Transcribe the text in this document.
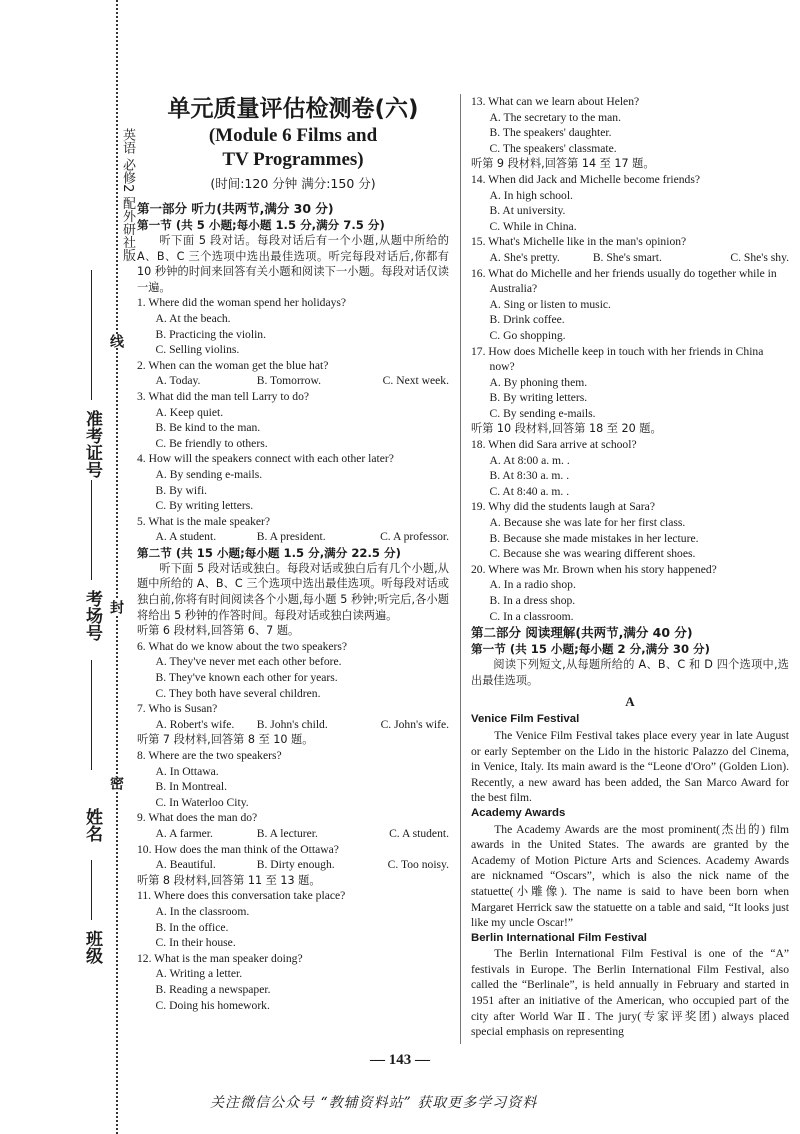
英语 必修2 配外研社版
准考证号
考场号
姓名
班级
线
封
密
单元质量评估检测卷(六)
(Module 6 Films and
TV Programmes)
(时间:120 分钟 满分:150 分)
第一部分 听力(共两节,满分 30 分)
第一节 (共 5 小题;每小题 1.5 分,满分 7.5 分)
听下面 5 段对话。每段对话后有一个小题,从题中所给的 A、B、C 三个选项中选出最佳选项。听完每段对话后,你都有 10 秒钟的时间来回答有关小题和阅读下一小题。每段对话仅读一遍。
1. Where did the woman spend her holidays?
A. At the beach.
B. Practicing the violin.
C. Selling violins.
2. When can the woman get the blue hat?
A. Today.	B. Tomorrow.	C. Next week.
3. What did the man tell Larry to do?
A. Keep quiet.
B. Be kind to the man.
C. Be friendly to others.
4. How will the speakers connect with each other later?
A. By sending e-mails.
B. By wifi.
C. By writing letters.
5. What is the male speaker?
A. A student.	B. A president.	C. A professor.
第二节 (共 15 小题;每小题 1.5 分,满分 22.5 分)
听下面 5 段对话或独白。每段对话或独白后有几个小题,从题中所给的 A、B、C 三个选项中选出最佳选项。听每段对话或独白前,你将有时间阅读各个小题,每小题 5 秒钟;听完后,各小题将给出 5 秒钟的作答时间。每段对话或独白读两遍。
听第 6 段材料,回答第 6、7 题。
6. What do we know about the two speakers?
A. They've never met each other before.
B. They've known each other for years.
C. They both have several children.
7. Who is Susan?
A. Robert's wife.	B. John's child.	C. John's wife.
听第 7 段材料,回答第 8 至 10 题。
8. Where are the two speakers?
A. In Ottawa.
B. In Montreal.
C. In Waterloo City.
9. What does the man do?
A. A farmer.	B. A lecturer.	C. A student.
10. How does the man think of the Ottawa?
A. Beautiful.	B. Dirty enough.	C. Too noisy.
听第 8 段材料,回答第 11 至 13 题。
11. Where does this conversation take place?
A. In the classroom.
B. In the office.
C. In their house.
12. What is the man speaker doing?
A. Writing a letter.
B. Reading a newspaper.
C. Doing his homework.
13. What can we learn about Helen?
A. The secretary to the man.
B. The speakers' daughter.
C. The speakers' classmate.
听第 9 段材料,回答第 14 至 17 题。
14. When did Jack and Michelle become friends?
A. In high school.
B. At university.
C. While in China.
15. What's Michelle like in the man's opinion?
A. She's pretty.	B. She's smart.	C. She's shy.
16. What do Michelle and her friends usually do together while in Australia?
A. Sing or listen to music.
B. Drink coffee.
C. Go shopping.
17. How does Michelle keep in touch with her friends in China now?
A. By phoning them.
B. By writing letters.
C. By sending e-mails.
听第 10 段材料,回答第 18 至 20 题。
18. When did Sara arrive at school?
A. At 8:00 a. m. .
B. At 8:30 a. m. .
C. At 8:40 a. m. .
19. Why did the students laugh at Sara?
A. Because she was late for her first class.
B. Because she made mistakes in her lecture.
C. Because she was wearing different shoes.
20. Where was Mr. Brown when his story happened?
A. In a radio shop.
B. In a dress shop.
C. In a classroom.
第二部分 阅读理解(共两节,满分 40 分)
第一节 (共 15 小题;每小题 2 分,满分 30 分)
阅读下列短文,从每题所给的 A、B、C 和 D 四个选项中,选出最佳选项。
A
Venice Film Festival
The Venice Film Festival takes place every year in late August or early September on the Lido in the historic Palazzo del Cinema, in Venice, Italy. Its main award is the “Leone d'Oro” (Golden Lion). Recently, a new award has been added, the San Marco Award for the best film.
Academy Awards
The Academy Awards are the most prominent(杰出的) film awards in the United States. The awards are granted by the Academy of Motion Picture Arts and Sciences. Academy Awards are nicknamed “Oscars”, which is also the nick name of the statuette(小雕像). The name is said to have been born when Margaret Herrick saw the statuette on a table and said, “It looks just like my uncle Oscar!”
Berlin International Film Festival
The Berlin International Film Festival is one of the “A” festivals in Europe. The Berlin International Film Festival, also called the “Berlinale”, is held annually in February and started in 1951 after an initiative of the American, who occupied part of the city after World War Ⅱ. The jury(专家评奖团) always placed special emphasis on representing
— 143 —
关注微信公众号 “教辅资料站” 获取更多学习资料
